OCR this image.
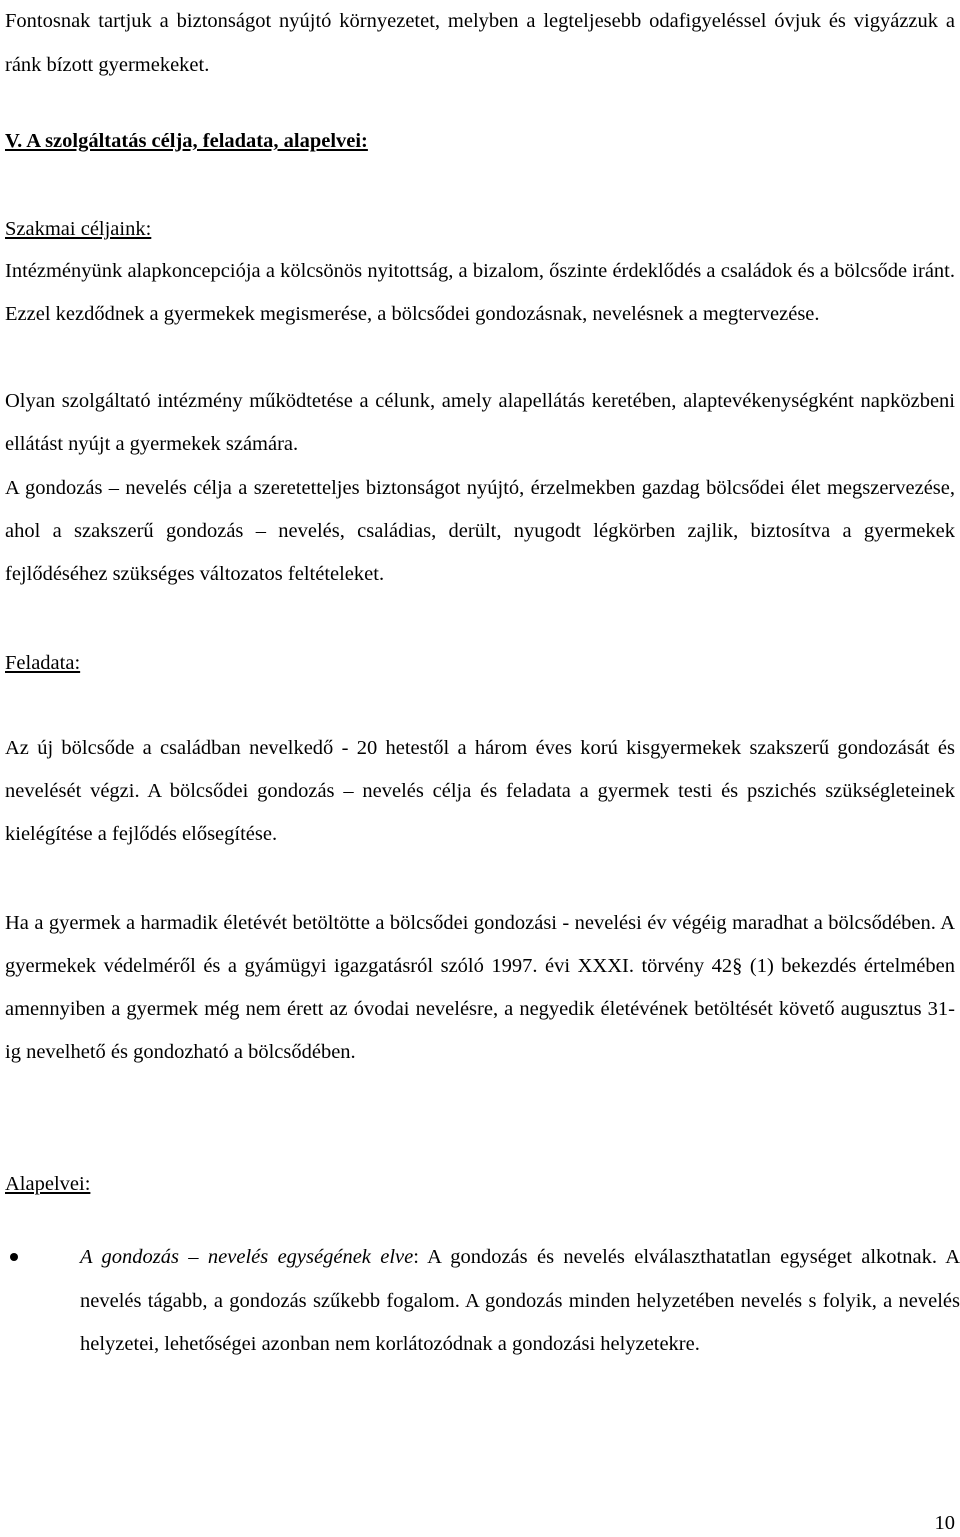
Fontosnak tartjuk a biztonságot nyújtó környezetet, melyben a legteljesebb odafigyeléssel óvjuk és vigyázzuk a ránk bízott gyermekeket.

V. A szolgáltatás célja, feladata, alapelvei:

Szakmai céljaink:

Intézményünk alapkoncepciója a kölcsönös nyitottság, a bizalom, őszinte érdeklődés a családok és a bölcsőde iránt. Ezzel kezdődnek a gyermekek megismerése, a bölcsődei gondozásnak, nevelésnek a megtervezése.

Olyan szolgáltató intézmény működtetése a célunk, amely alapellátás keretében, alaptevékenységként napközbeni ellátást nyújt a gyermekek számára.

A gondozás – nevelés célja a szeretetteljes biztonságot nyújtó, érzelmekben gazdag bölcsődei élet megszervezése, ahol a szakszerű gondozás – nevelés, családias, derült, nyugodt légkörben zajlik, biztosítva a gyermekek fejlődéséhez szükséges változatos feltételeket.

Feladata:

Az új bölcsőde a családban nevelkedő - 20 hetestől a három éves korú kisgyermekek szakszerű gondozását és nevelését végzi. A bölcsődei gondozás – nevelés célja és feladata a gyermek testi és pszichés szükségleteinek kielégítése a fejlődés elősegítése.

Ha a gyermek a harmadik életévét betöltötte a bölcsődei gondozási - nevelési év végéig maradhat a bölcsődében. A gyermekek védelméről és a gyámügyi igazgatásról szóló 1997. évi XXXI. törvény 42§ (1) bekezdés értelmében amennyiben a gyermek még nem érett az óvodai nevelésre, a negyedik életévének betöltését követő augusztus 31-ig nevelhető és gondozható a bölcsődében.

Alapelvei:

A gondozás – nevelés egységének elve: A gondozás és nevelés elválaszthatatlan egységet alkotnak. A nevelés tágabb, a gondozás szűkebb fogalom. A gondozás minden helyzetében nevelés s folyik, a nevelés helyzetei, lehetőségei azonban nem korlátozódnak a gondozási helyzetekre.

10
